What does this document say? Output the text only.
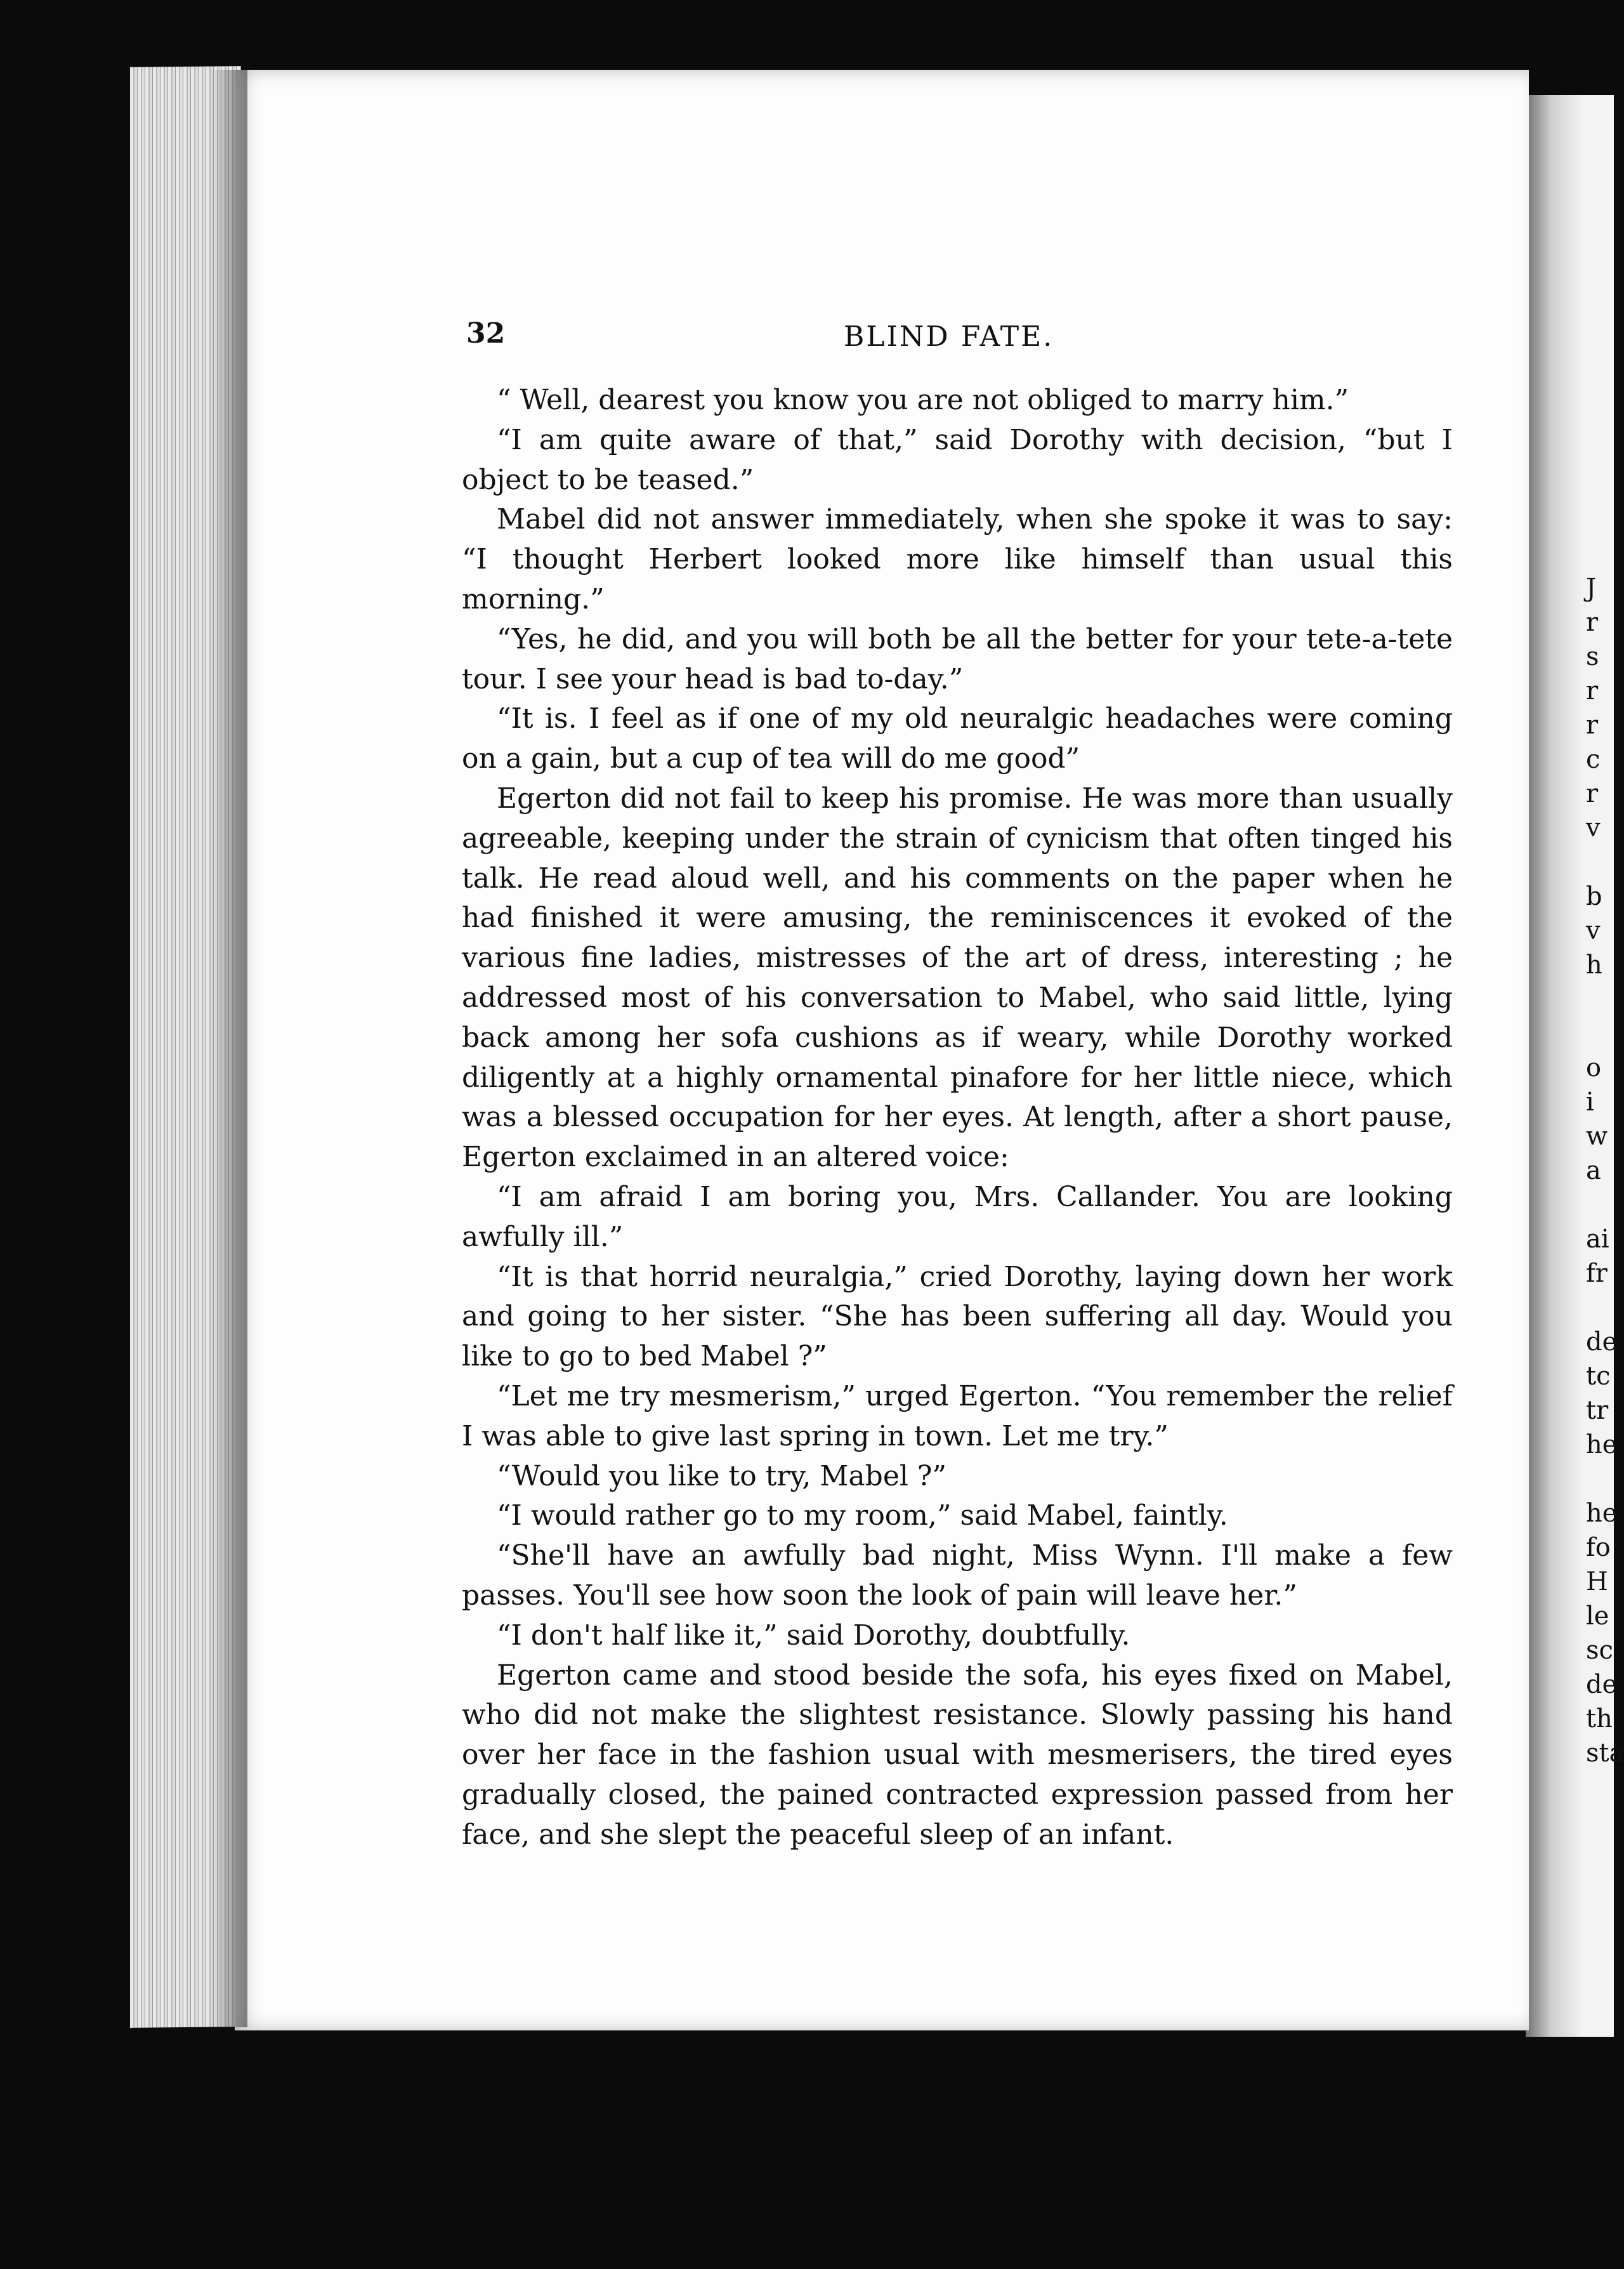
J
r
s
r
r
c
r
v

b
v
h

o
i
w
a

ai
fr

de
tc
tr
he

he
fo
H
le
sc
de
th
sta
32	BLIND FATE.

“ Well, dearest you know you are not obliged to marry him.”

“I am quite aware of that,” said Dorothy with decision, “but I object to be teased.”

Mabel did not answer immediately, when she spoke it was to say: “I thought Herbert looked more like himself than usual this morning.”

“Yes, he did, and you will both be all the better for your tete-a-tete tour. I see your head is bad to-day.”

“It is. I feel as if one of my old neuralgic headaches were coming on a gain, but a cup of tea will do me good”

Egerton did not fail to keep his promise. He was more than usually agreeable, keeping under the strain of cynicism that often tinged his talk. He read aloud well, and his comments on the paper when he had finished it were amusing, the reminiscences it evoked of the various fine ladies, mistresses of the art of dress, interesting ; he addressed most of his conversation to Mabel, who said little, lying back among her sofa cushions as if weary, while Dorothy worked diligently at a highly ornamental pinafore for her little niece, which was a blessed occupation for her eyes. At length, after a short pause, Egerton exclaimed in an altered voice:

“I am afraid I am boring you, Mrs. Callander. You are looking awfully ill.”

“It is that horrid neuralgia,” cried Dorothy, laying down her work and going to her sister. “She has been suffering all day. Would you like to go to bed Mabel ?”

“Let me try mesmerism,” urged Egerton. “You remember the relief I was able to give last spring in town. Let me try.”

“Would you like to try, Mabel ?”

“I would rather go to my room,” said Mabel, faintly.

“She'll have an awfully bad night, Miss Wynn. I'll make a few passes. You'll see how soon the look of pain will leave her.”

“I don't half like it,” said Dorothy, doubtfully.

Egerton came and stood beside the sofa, his eyes fixed on Mabel, who did not make the slightest resistance. Slowly passing his hand over her face in the fashion usual with mesmerisers, the tired eyes gradually closed, the pained contracted expression passed from her face, and she slept the peaceful sleep of an infant.
